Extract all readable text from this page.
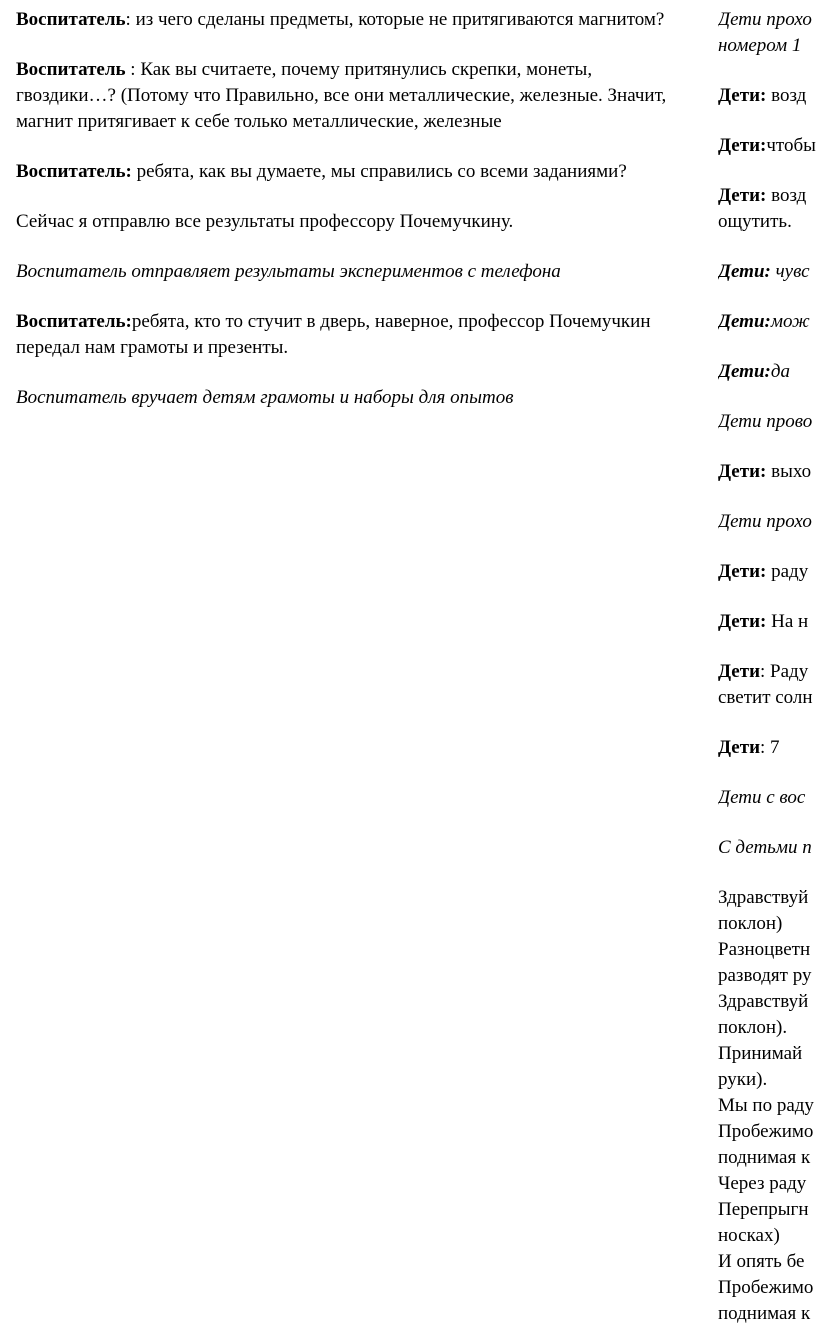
Воспитатель: из чего сделаны предметы, которые не притягиваются магнитом?

Воспитатель : Как вы считаете, почему притянулись скрепки, монеты, гвоздики…? (Потому что Правильно, все они металлические, железные. Значит, магнит притягивает к себе только металлические, железные

Воспитатель: ребята, как вы думаете, мы справились со всеми заданиями?

Сейчас я отправлю все результаты профессору Почемучкину.

Воспитатель отправляет результаты экспериментов с телефона

Воспитатель:ребята, кто то стучит в дверь, наверное, профессор Почемучкин передал нам грамоты и презенты.

Воспитатель вручает детям грамоты и наборы для опытов

Дети прохо
номером 1

Дети: возд

Дети:чтобы

Дети: возд
ощутить.

Дети: чувс

Дети:мож

Дети:да

Дети прово

Дети: выхо

Дети прохо

Дети: раду

Дети: На н

Дети: Раду
светит солн

Дети: 7

Дети с вос

С детьми п

Здравствуй
поклон)
Разноцветн
разводят ру
Здравствуй
поклон).
Принимай
руки).
Мы по раду
Пробежимо
поднимая к
Через раду
Перепрыгн
носках)
И опять бе
Пробежимо
поднимая к
